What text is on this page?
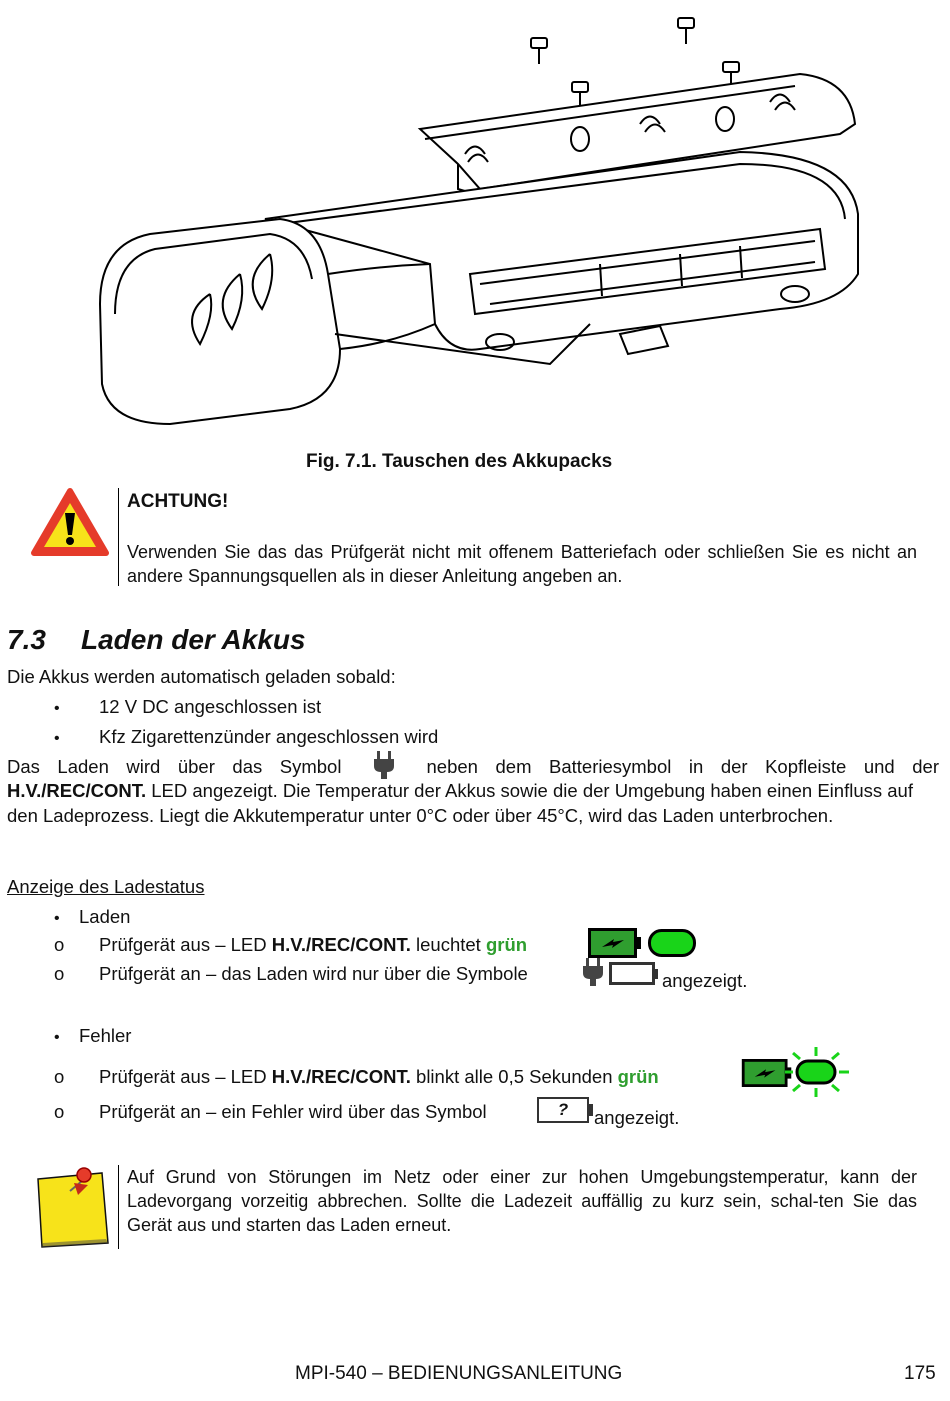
Fig. 7.1. Tauschen des Akkupacks
ACHTUNG!
Verwenden Sie das das Prüfgerät nicht mit offenem Batteriefach oder schließen Sie es nicht an andere Spannungsquellen als in dieser Anleitung angeben an.
7.3 Laden der Akkus
Die Akkus werden automatisch geladen sobald:
• 12 V DC angeschlossen ist
• Kfz Zigarettenzünder angeschlossen wird
Das Laden wird über das Symbol	neben dem Batteriesymbol in der Kopfleiste und der
H.V./REC/CONT. LED angezeigt. Die Temperatur der Akkus sowie die der Umgebung haben einen Einfluss auf den Ladeprozess. Liegt die Akkutemperatur unter 0°C oder über 45°C, wird das Laden unterbrochen.
Anzeige des Ladestatus
• Laden
o Prüfgerät aus – LED H.V./REC/CONT. leuchtet grün
o Prüfgerät an – das Laden wird nur über die Symbole	angezeigt.
• Fehler
o Prüfgerät aus – LED H.V./REC/CONT. blinkt alle 0,5 Sekunden grün
o Prüfgerät an – ein Fehler wird über das Symbol	?	angezeigt.
Auf Grund von Störungen im Netz oder einer zur hohen Umgebungstemperatur, kann der Ladevorgang vorzeitig abbrechen. Sollte die Ladezeit auffällig zu kurz sein, schal-ten Sie das Gerät aus und starten das Laden erneut.
MPI-540 – BEDIENUNGSANLEITUNG	175
